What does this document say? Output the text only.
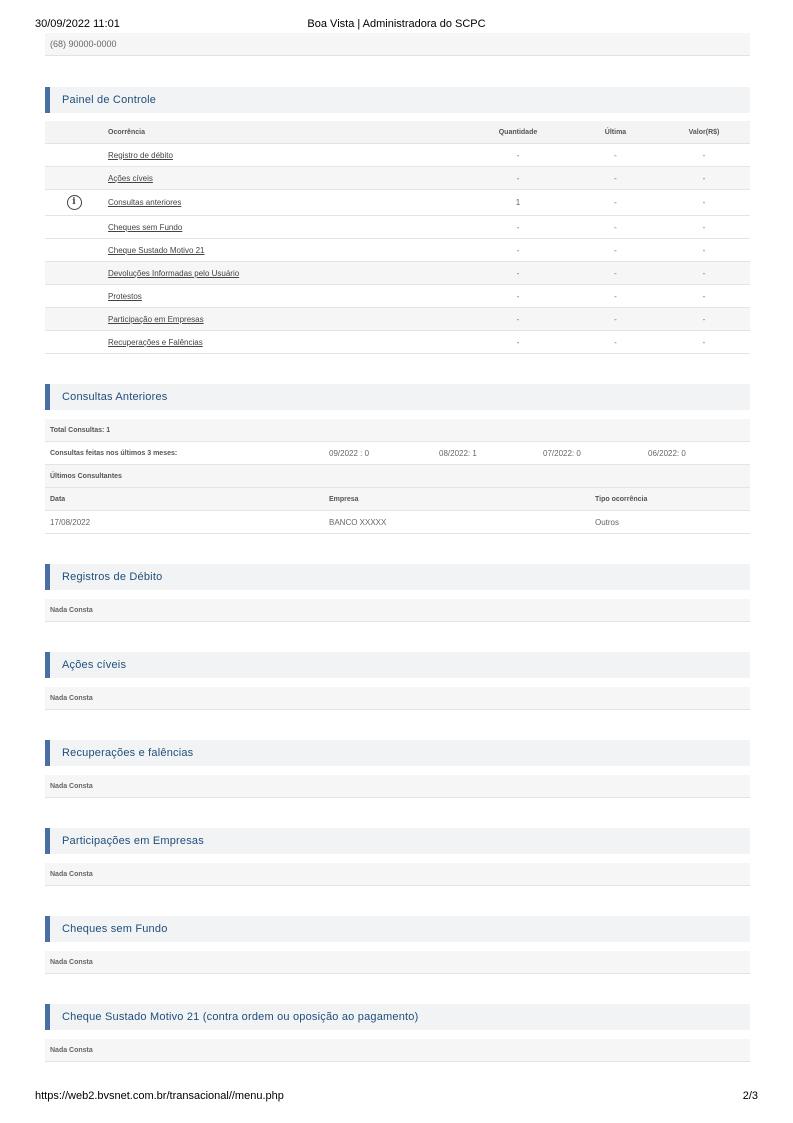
30/09/2022 11:01	Boa Vista | Administradora do SCPC
(68) 90000-0000
Painel de Controle
Ocorrência	Quantidade	Última	Valor(R$)
Registro de débito	-	-	-
Ações cíveis	-	-	-
i	Consultas anteriores	1	-	-
Cheques sem Fundo	-	-	-
Cheque Sustado Motivo 21	-	-	-
Devoluções Informadas pelo Usuário	-	-	-
Protestos	-	-	-
Participação em Empresas	-	-	-
Recuperações e Falências	-	-	-
Consultas Anteriores
Total Consultas: 1
Consultas feitas nos últimos 3 meses:	09/2022 : 0	08/2022: 1	07/2022: 0	06/2022: 0
Últimos Consultantes
Data	Empresa	Tipo ocorrência
17/08/2022	BANCO XXXXX	Outros
Registros de Débito
Nada Consta
Ações cíveis
Nada Consta
Recuperações e falências
Nada Consta
Participações em Empresas
Nada Consta
Cheques sem Fundo
Nada Consta
Cheque Sustado Motivo 21 (contra ordem ou oposição ao pagamento)
Nada Consta
https://web2.bvsnet.com.br/transacional//menu.php	2/3
